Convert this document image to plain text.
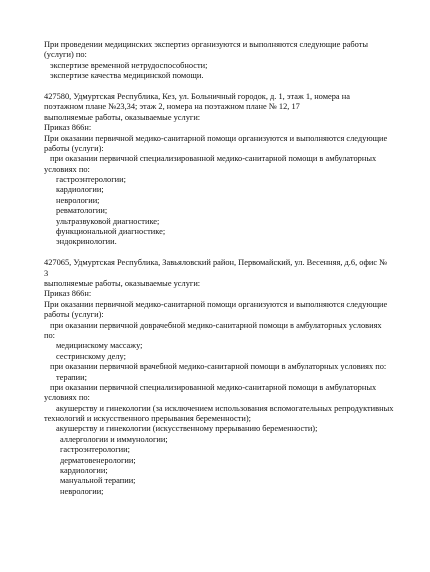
При проведении медицинских экспертиз организуются и выполняются следующие работы
(услуги) по:
экспертизе временной нетрудоспособности;
экспертизе качества медицинской помощи.
427580, Удмуртская Республика, Кез, ул. Больничный городок, д. 1, этаж 1, номера на
поэтажном плане №23,34; этаж 2, номера на поэтажном плане № 12, 17
выполняемые работы, оказываемые услуги:
Приказ 866н:
При оказании первичной медико-санитарной помощи организуются и выполняются следующие
работы (услуги):
при оказании первичной специализированной медико-санитарной помощи в амбулаторных
условиях по:
гастроэнтерологии;
кардиологии;
неврологии;
ревматологии;
ультразвуковой диагностике;
функциональной диагностике;
эндокринологии.
427065, Удмуртская Республика, Завьяловский район, Первомайский, ул. Весенняя, д.6, офис №
3
выполняемые работы, оказываемые услуги:
Приказ 866н:
При оказании первичной медико-санитарной помощи организуются и выполняются следующие
работы (услуги):
при оказании первичной доврачебной медико-санитарной помощи в амбулаторных условиях
по:
медицинскому массажу;
сестринскому делу;
при оказании первичной врачебной медико-санитарной помощи в амбулаторных условиях по:
терапии;
при оказании первичной специализированной медико-санитарной помощи в амбулаторных
условиях по:
акушерству и гинекологии (за исключением использования вспомогательных репродуктивных
технологий и искусственного прерывания беременности);
акушерству и гинекологии (искусственному прерыванию беременности);
аллергологии и иммунологии;
гастроэнтерологии;
дерматовенерологии;
кардиологии;
мануальной терапии;
неврологии;
